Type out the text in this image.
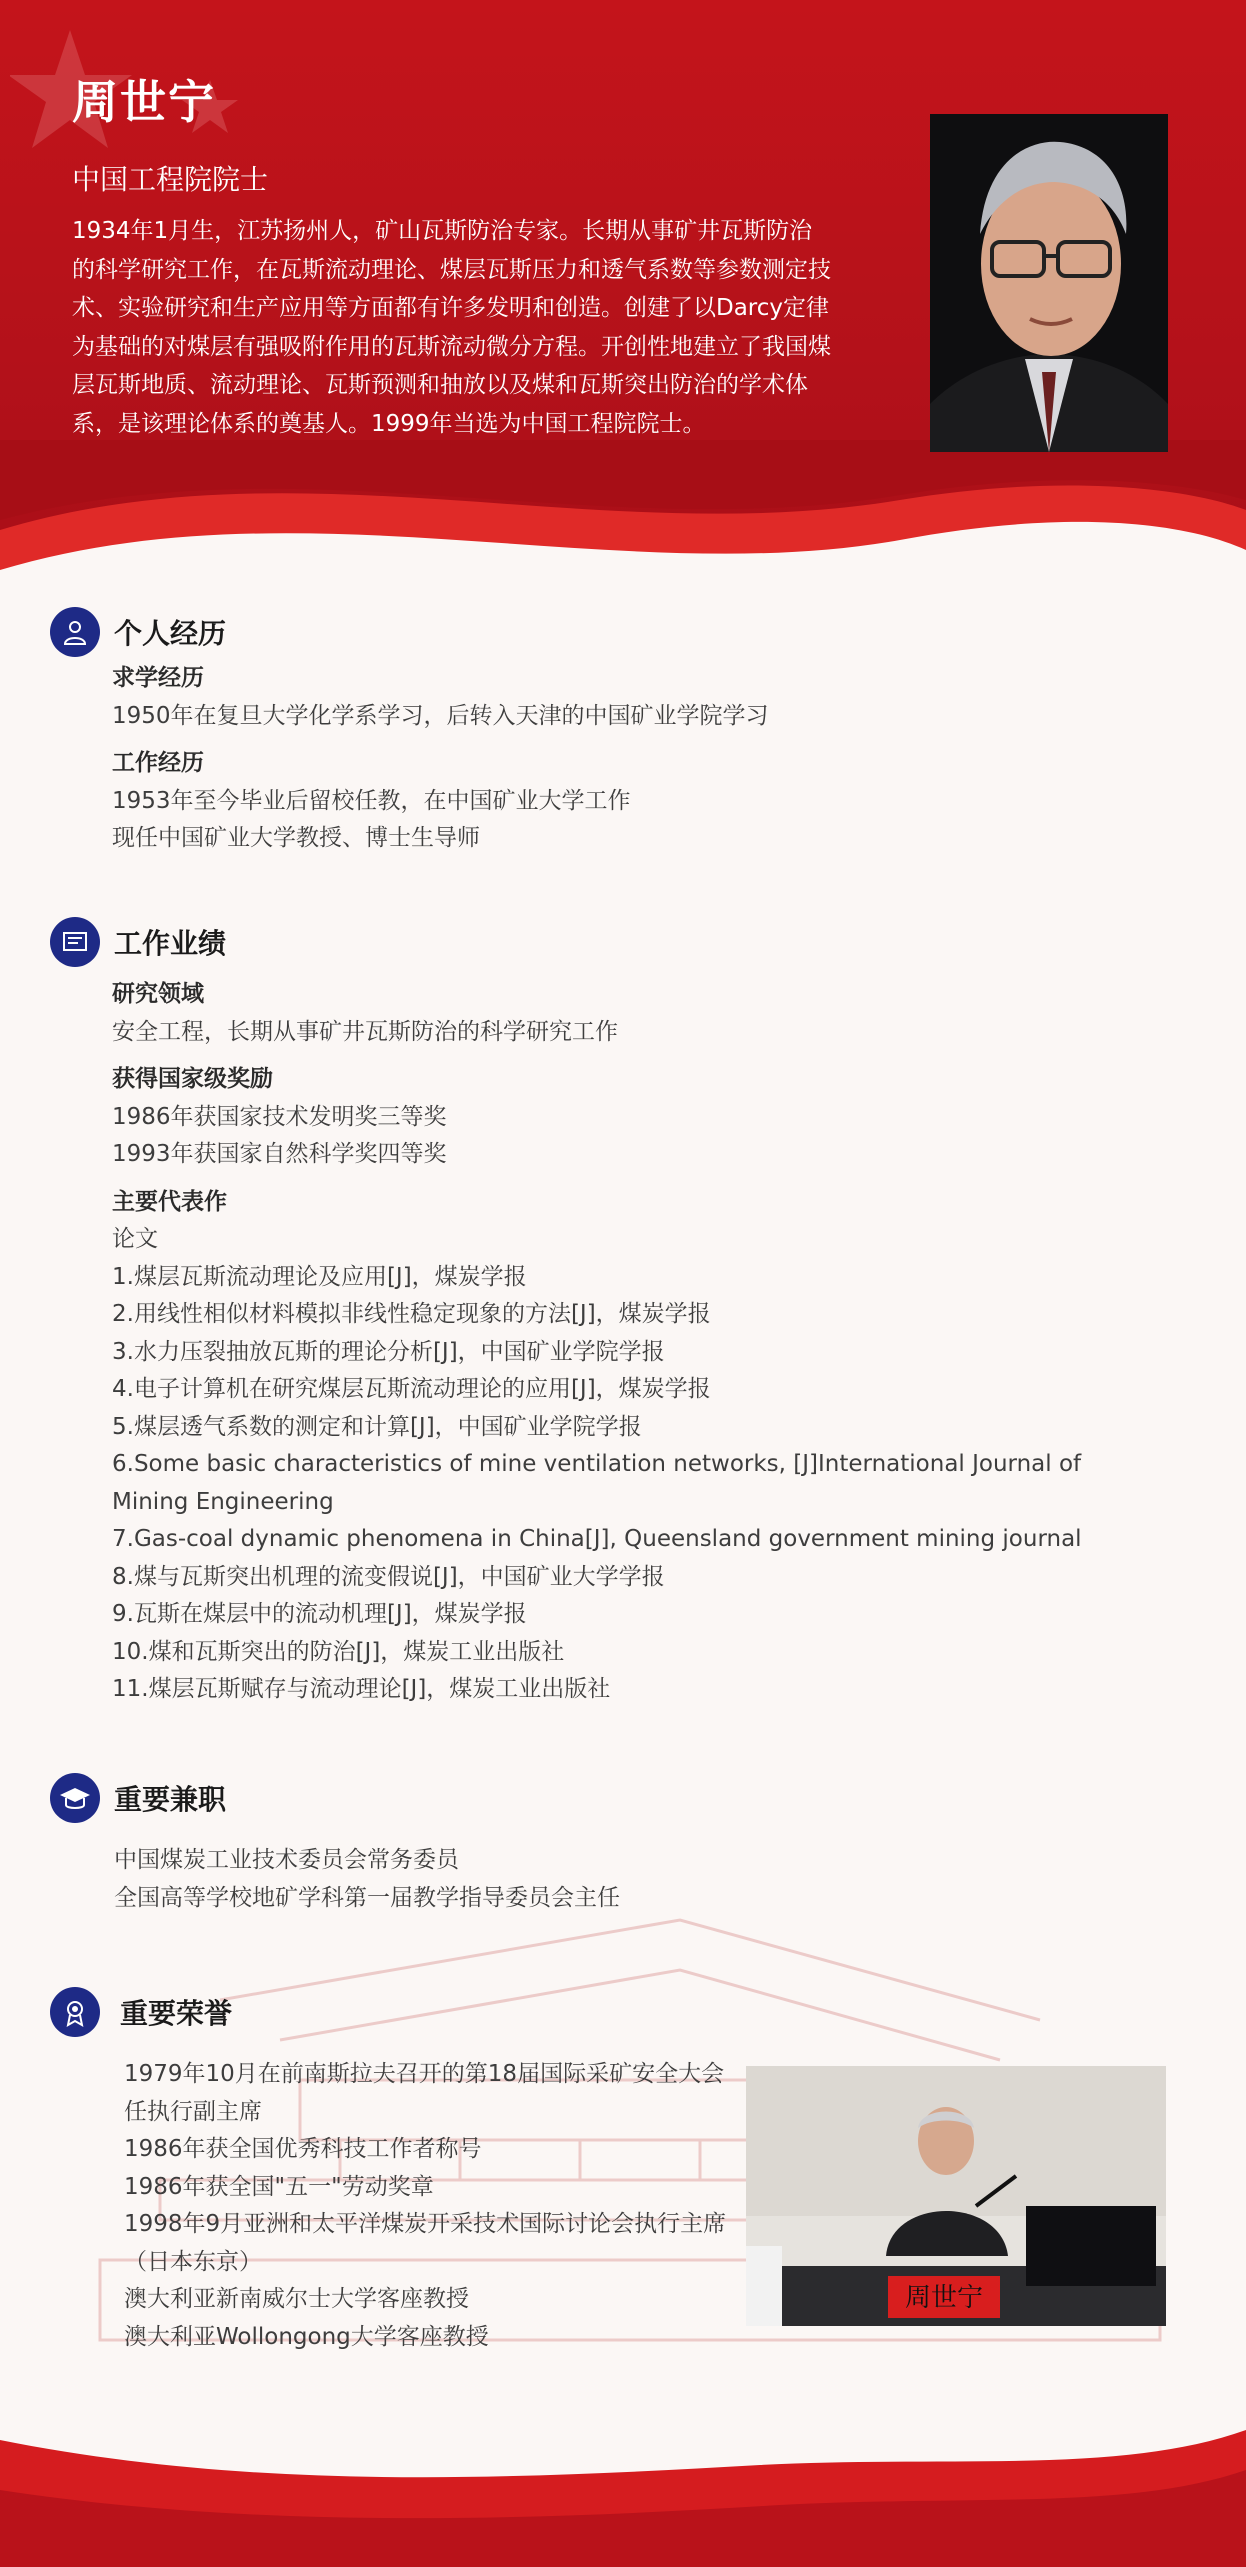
周世宁
中国工程院院士
1934年1月生，江苏扬州人，矿山瓦斯防治专家。长期从事矿井瓦斯防治的科学研究工作，在瓦斯流动理论、煤层瓦斯压力和透气系数等参数测定技术、实验研究和生产应用等方面都有许多发明和创造。创建了以Darcy定律为基础的对煤层有强吸附作用的瓦斯流动微分方程。开创性地建立了我国煤层瓦斯地质、流动理论、瓦斯预测和抽放以及煤和瓦斯突出防治的学术体系，是该理论体系的奠基人。1999年当选为中国工程院院士。
个人经历
求学经历
1950年在复旦大学化学系学习，后转入天津的中国矿业学院学习
工作经历
1953年至今毕业后留校任教，在中国矿业大学工作
现任中国矿业大学教授、博士生导师
工作业绩
研究领域
安全工程，长期从事矿井瓦斯防治的科学研究工作
获得国家级奖励
1986年获国家技术发明奖三等奖
1993年获国家自然科学奖四等奖
主要代表作
论文
1.煤层瓦斯流动理论及应用[J]，煤炭学报
2.用线性相似材料模拟非线性稳定现象的方法[J]，煤炭学报
3.水力压裂抽放瓦斯的理论分析[J]，中国矿业学院学报
4.电子计算机在研究煤层瓦斯流动理论的应用[J]，煤炭学报
5.煤层透气系数的测定和计算[J]，中国矿业学院学报
6.Some basic characteristics of mine ventilation networks, [J]International Journal of Mining Engineering
7.Gas-coal dynamic phenomena in China[J], Queensland government mining journal
8.煤与瓦斯突出机理的流变假说[J]，中国矿业大学学报
9.瓦斯在煤层中的流动机理[J]，煤炭学报
10.煤和瓦斯突出的防治[J]，煤炭工业出版社
11.煤层瓦斯赋存与流动理论[J]，煤炭工业出版社
重要兼职
中国煤炭工业技术委员会常务委员
全国高等学校地矿学科第一届教学指导委员会主任
重要荣誉
1979年10月在前南斯拉夫召开的第18届国际采矿安全大会任执行副主席
1986年获全国优秀科技工作者称号
1986年获全国"五一"劳动奖章
1998年9月亚洲和太平洋煤炭开采技术国际讨论会执行主席（日本东京）
澳大利亚新南威尔士大学客座教授
澳大利亚Wollongong大学客座教授
周世宁
